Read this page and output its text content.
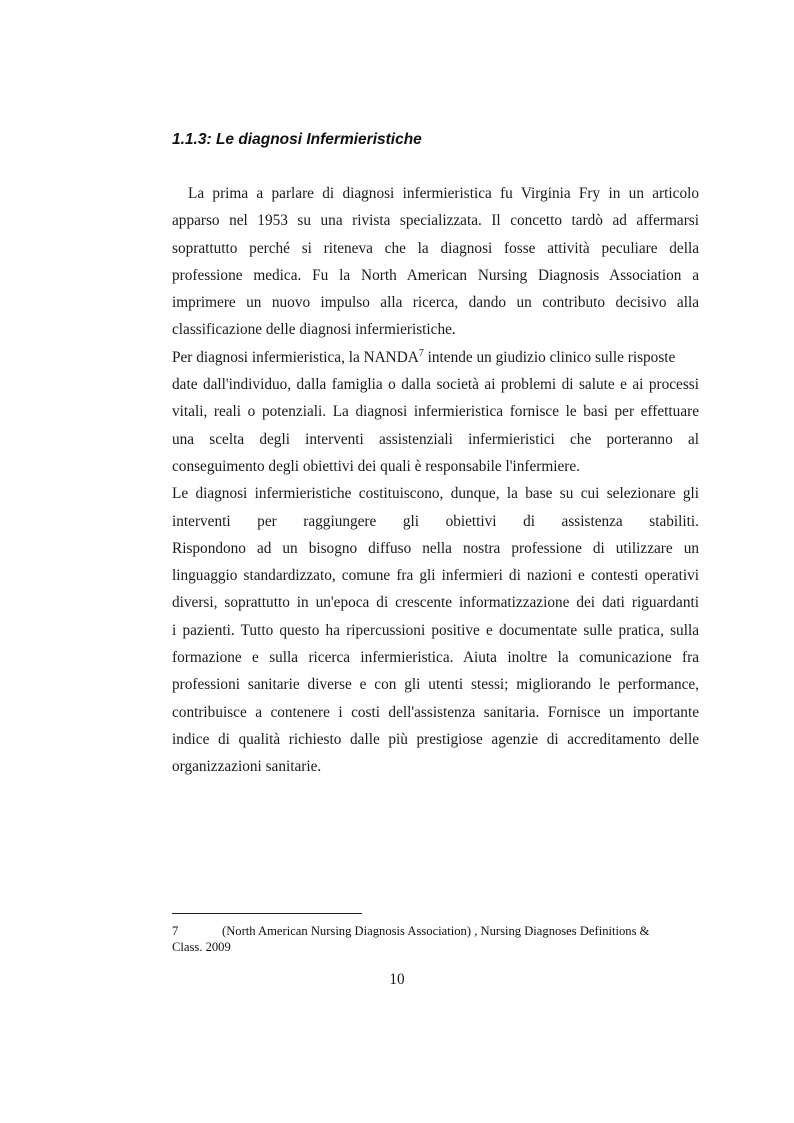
1.1.3: Le diagnosi Infermieristiche
La prima a parlare di diagnosi infermieristica fu Virginia Fry in un articolo
apparso nel 1953 su una rivista specializzata. Il concetto tardò ad affermarsi
soprattutto perché si riteneva che la diagnosi fosse attività peculiare della
professione medica. Fu la North American Nursing Diagnosis Association a
imprimere un nuovo impulso alla ricerca, dando un contributo decisivo alla
classificazione delle diagnosi infermieristiche.
Per diagnosi infermieristica, la NANDA$^7$ intende un giudizio clinico sulle risposte
date dall'individuo, dalla famiglia o dalla società ai problemi di salute e ai processi
vitali, reali o potenziali. La diagnosi infermieristica fornisce le basi per effettuare
una scelta degli interventi assistenziali infermieristici che porteranno al
conseguimento degli obiettivi dei quali è responsabile l'infermiere.
Le diagnosi infermieristiche costituiscono, dunque, la base su cui selezionare gli
interventi per raggiungere gli obiettivi di assistenza stabiliti.
Rispondono ad un bisogno diffuso nella nostra professione di utilizzare un
linguaggio standardizzato, comune fra gli infermieri di nazioni e contesti operativi
diversi, soprattutto in un'epoca di crescente informatizzazione dei dati riguardanti
i pazienti. Tutto questo ha ripercussioni positive e documentate sulle pratica, sulla
formazione e sulla ricerca infermieristica. Aiuta inoltre la comunicazione fra
professioni sanitarie diverse e con gli utenti stessi; migliorando le performance,
contribuisce a contenere i costi dell'assistenza sanitaria. Fornisce un importante
indice di qualità richiesto dalle più prestigiose agenzie di accreditamento delle
organizzazioni sanitarie.
7	(North American Nursing Diagnosis Association) , Nursing Diagnoses Definitions &
Class. 2009
10
